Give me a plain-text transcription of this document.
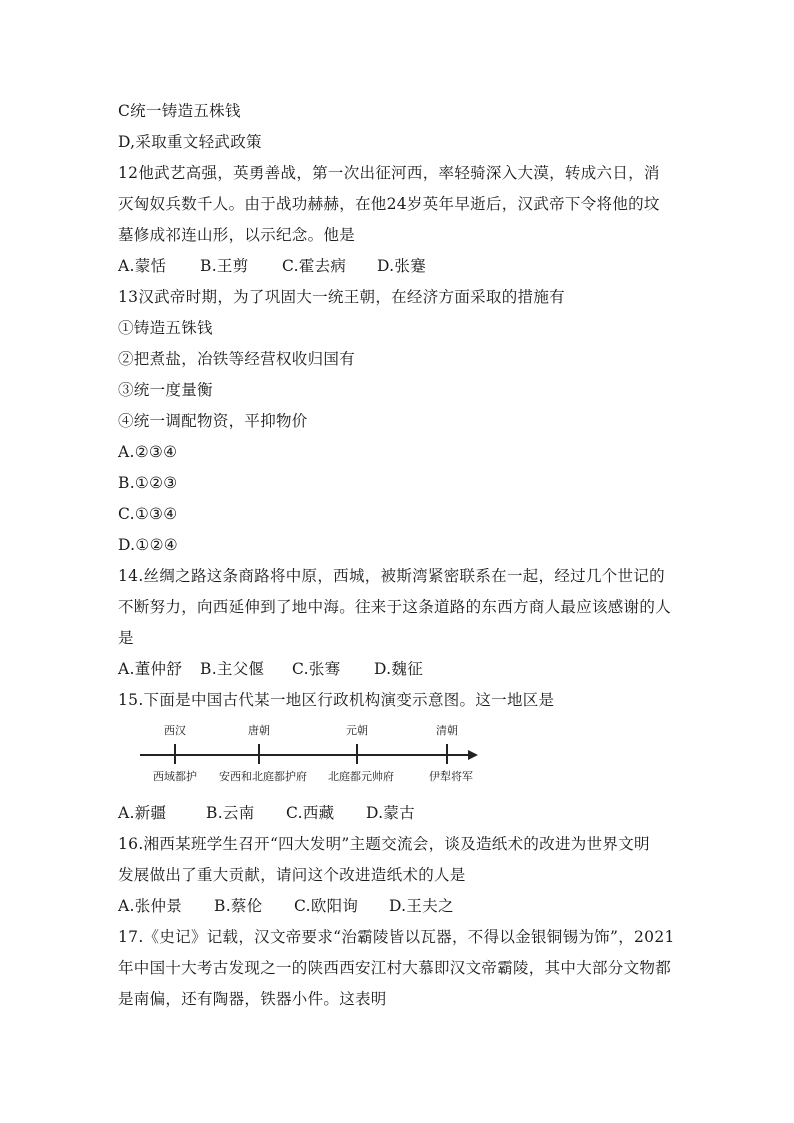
C统一铸造五株钱
D,采取重文轻武政策
12他武艺高强，英勇善战，第一次出征河西，率轻骑深入大漠，转成六日，消
灭匈奴兵数千人。由于战功赫赫，在他24岁英年早逝后，汉武帝下令将他的坟
墓修成祁连山形，以示纪念。他是
A.蒙恬	B.王剪	C.霍去病	D.张蹇
13汉武帝时期，为了巩固大一统王朝，在经济方面采取的措施有
①铸造五铢钱
②把煮盐，冶铁等经营权收归国有
③统一度量衡
④统一调配物资，平抑物价
A.②③④
B.①②③
C.①③④
D.①②④
14.丝绸之路这条商路将中原，西城，被斯湾紧密联系在一起，经过几个世记的
不断努力，向西延伸到了地中海。往来于这条道路的东西方商人最应该感谢的人
是
A.董仲舒	B.主父偃	C.张骞	D.魏征
15.下面是中国古代某一地区行政机构演变示意图。这一地区是
西汉	唐朝	元朝	清朝
西域都护 安西和北庭都护府 北庭都元帅府	伊犁将军
A.新疆	B.云南	C.西藏	D.蒙古
16.湘西某班学生召开“四大发明”主题交流会，谈及造纸术的改进为世界文明
发展做出了重大贡献，请问这个改进造纸术的人是
A.张仲景	B.蔡伦	C.欧阳询	D.王夫之
17.《史记》记载，汉文帝要求“治霸陵皆以瓦器，不得以金银铜锡为饰”，2021
年中国十大考古发现之一的陕西西安江村大慕即汉文帝霸陵，其中大部分文物都
是南偏，还有陶器，铁器小件。这表明
